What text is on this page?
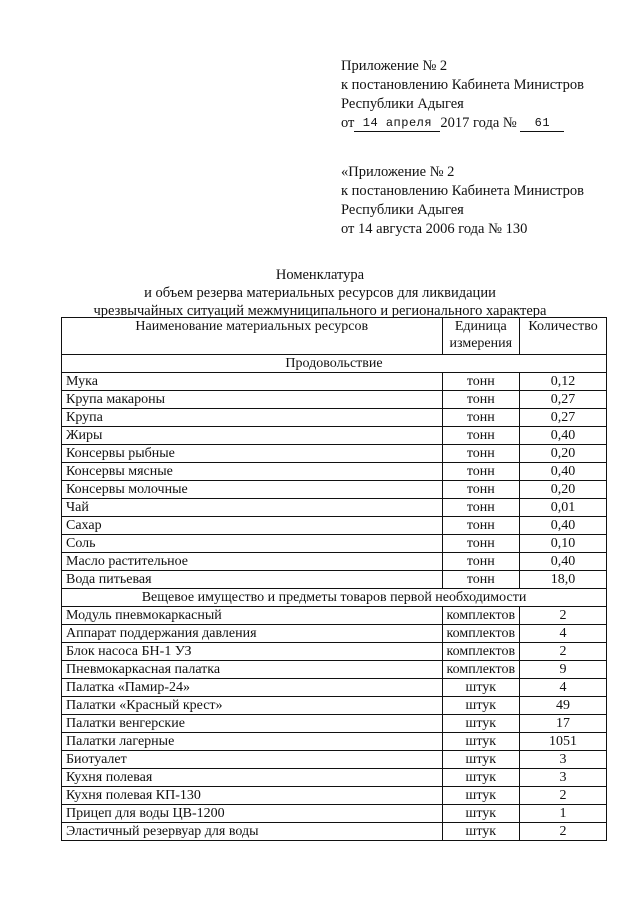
Приложение № 2
к постановлению Кабинета Министров
Республики Адыгея
от 14 апреля 2017 года № 61
«Приложение № 2
к постановлению Кабинета Министров
Республики Адыгея
от 14 августа 2006 года № 130
Номенклатура
и объем резерва материальных ресурсов для ликвидации
чрезвычайных ситуаций межмуниципального и регионального характера
Наименование материальных ресурсов	Единица измерения	Количество
Продовольствие		
Мука	тонн	0,12
Крупа макароны	тонн	0,27
Крупа	тонн	0,27
Жиры	тонн	0,40
Консервы рыбные	тонн	0,20
Консервы мясные	тонн	0,40
Консервы молочные	тонн	0,20
Чай	тонн	0,01
Сахар	тонн	0,40
Соль	тонн	0,10
Масло растительное	тонн	0,40
Вода питьевая	тонн	18,0
Вещевое имущество и предметы товаров первой необходимости		
Модуль пневмокаркасный	комплектов	2
Аппарат поддержания давления	комплектов	4
Блок насоса БН-1 УЗ	комплектов	2
Пневмокаркасная палатка	комплектов	9
Палатка «Памир-24»	штук	4
Палатки «Красный крест»	штук	49
Палатки венгерские	штук	17
Палатки лагерные	штук	1051
Биотуалет	штук	3
Кухня полевая	штук	3
Кухня полевая КП-130	штук	2
Прицеп для воды ЦВ-1200	штук	1
Эластичный резервуар для воды	штук	2
